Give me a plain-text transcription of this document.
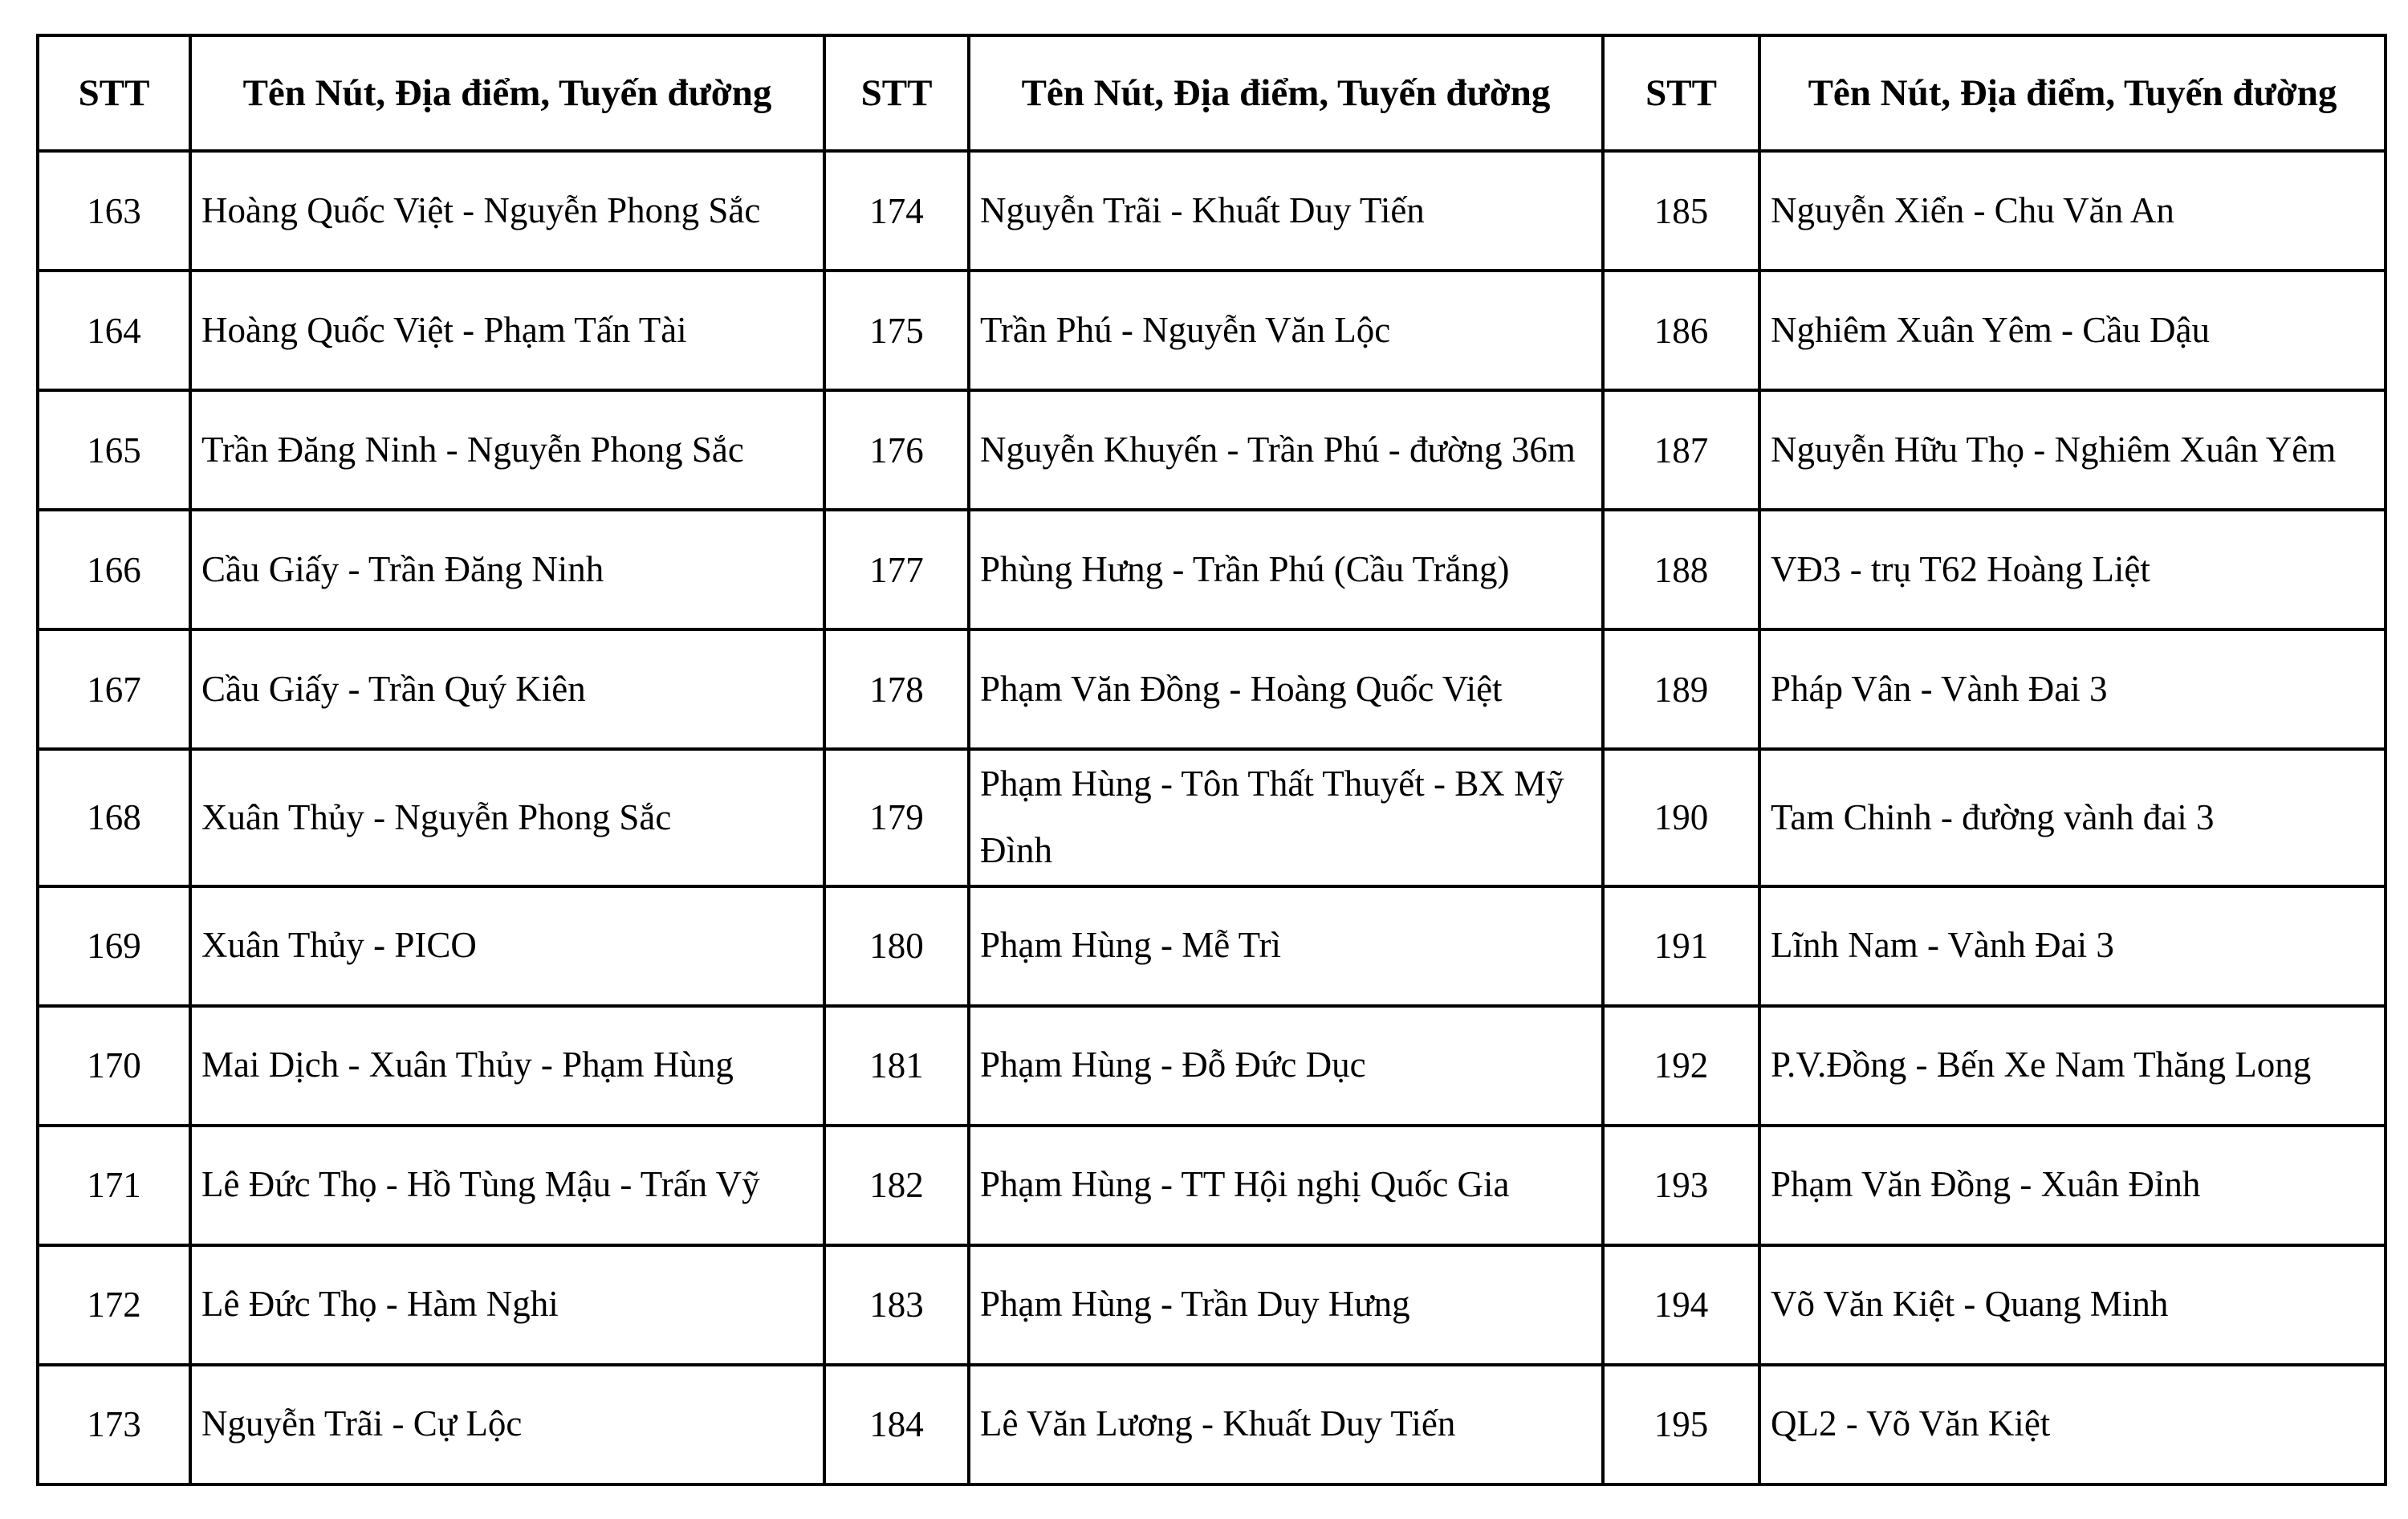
STT	Tên Nút, Địa điểm, Tuyến đường	STT	Tên Nút, Địa điểm, Tuyến đường	STT	Tên Nút, Địa điểm, Tuyến đường
163	Hoàng Quốc Việt - Nguyễn Phong Sắc	174	Nguyễn Trãi - Khuất Duy Tiến	185	Nguyễn Xiển - Chu Văn An
164	Hoàng Quốc Việt - Phạm Tấn Tài	175	Trần Phú - Nguyễn Văn Lộc	186	Nghiêm Xuân Yêm - Cầu Dậu
165	Trần Đăng Ninh - Nguyễn Phong Sắc	176	Nguyễn Khuyến - Trần Phú - đường 36m	187	Nguyễn Hữu Thọ - Nghiêm Xuân Yêm
166	Cầu Giấy - Trần Đăng Ninh	177	Phùng Hưng - Trần Phú (Cầu Trắng)	188	VĐ3 - trụ T62 Hoàng Liệt
167	Cầu Giấy - Trần Quý Kiên	178	Phạm Văn Đồng - Hoàng Quốc Việt	189	Pháp Vân - Vành Đai 3
168	Xuân Thủy - Nguyễn Phong Sắc	179	Phạm Hùng - Tôn Thất Thuyết - BX Mỹ Đình	190	Tam Chinh - đường vành đai 3
169	Xuân Thủy - PICO	180	Phạm Hùng - Mễ Trì	191	Lĩnh Nam - Vành Đai 3
170	Mai Dịch - Xuân Thủy - Phạm Hùng	181	Phạm Hùng - Đỗ Đức Dục	192	P.V.Đồng - Bến Xe Nam Thăng Long
171	Lê Đức Thọ - Hồ Tùng Mậu - Trấn Vỹ	182	Phạm Hùng - TT Hội nghị Quốc Gia	193	Phạm Văn Đồng - Xuân Đỉnh
172	Lê Đức Thọ - Hàm Nghi	183	Phạm Hùng - Trần Duy Hưng	194	Võ Văn Kiệt - Quang Minh
173	Nguyễn Trãi - Cự Lộc	184	Lê Văn Lương - Khuất Duy Tiến	195	QL2 - Võ Văn Kiệt
